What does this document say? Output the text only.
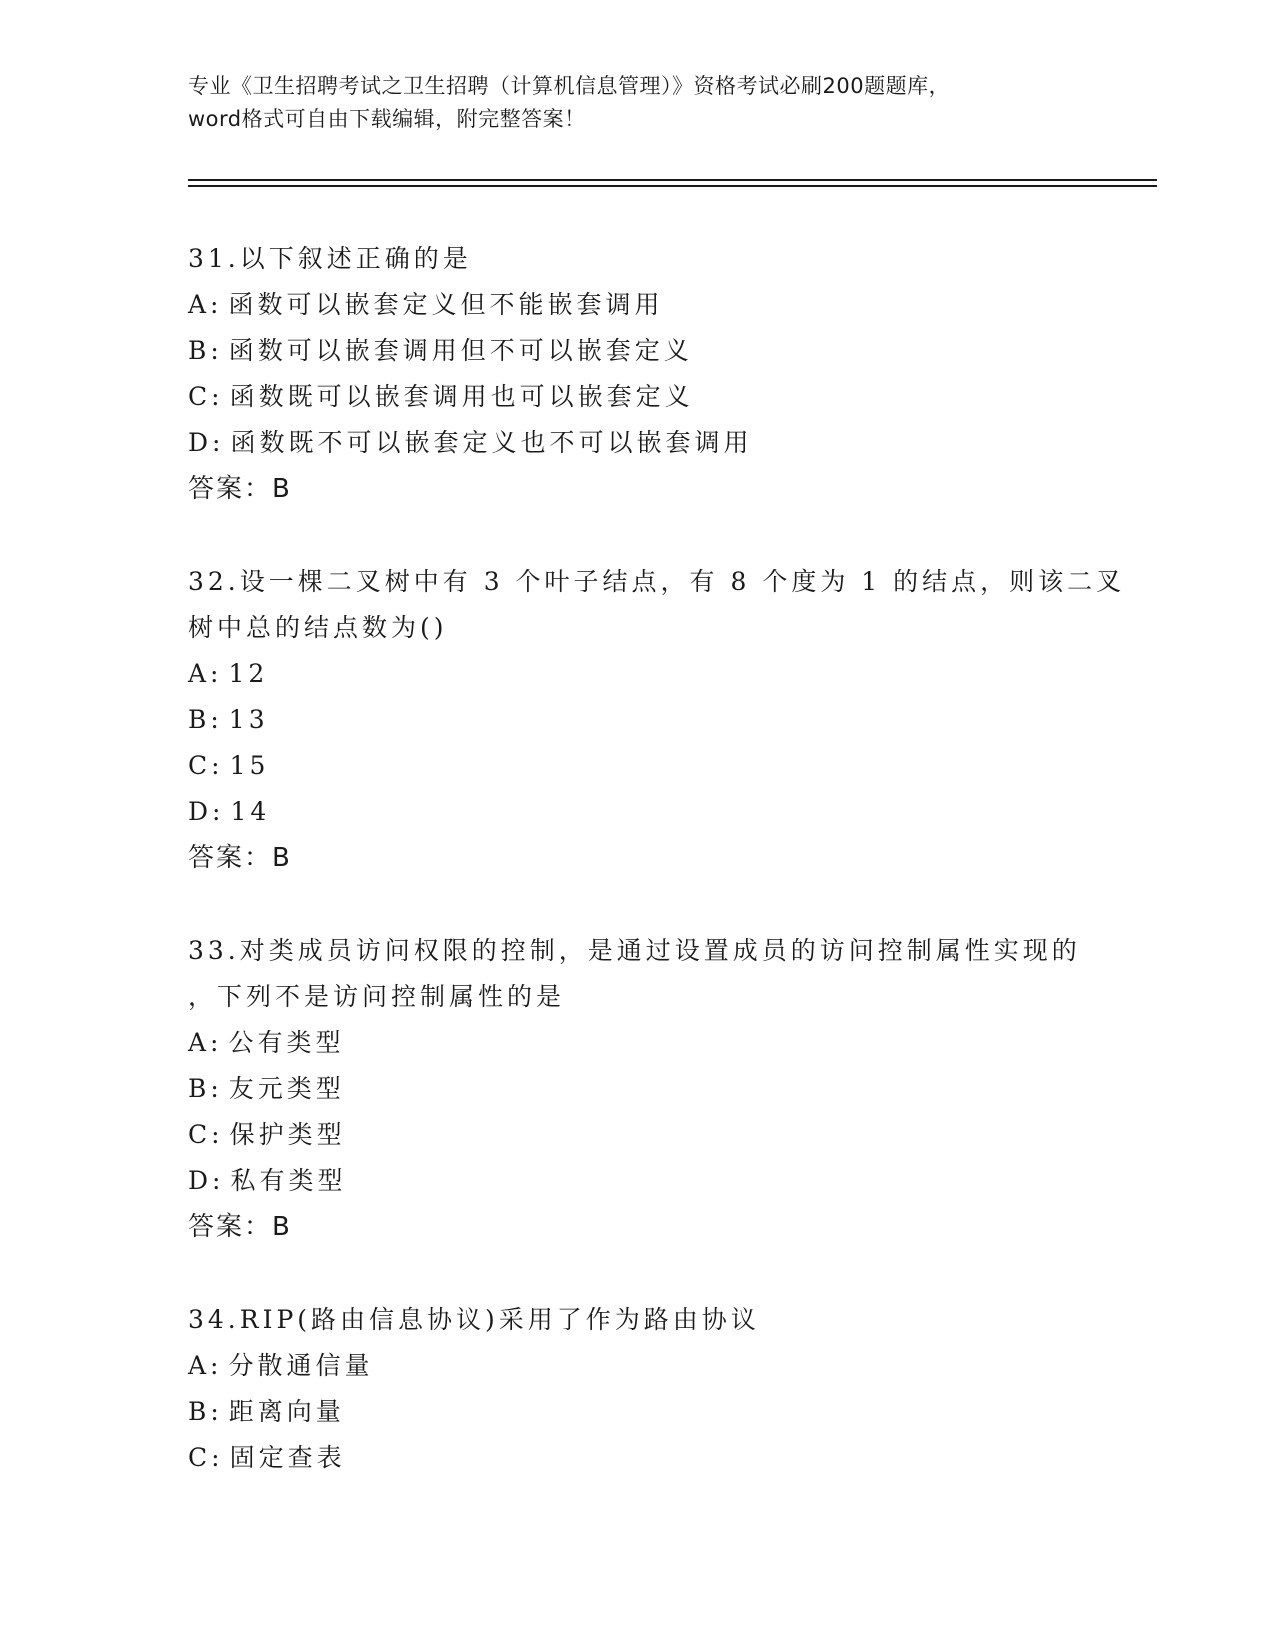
专业《卫生招聘考试之卫生招聘（计算机信息管理）》资格考试必刷200题题库，
word格式可自由下载编辑，附完整答案！
31.以下叙述正确的是
A: 函数可以嵌套定义但不能嵌套调用
B: 函数可以嵌套调用但不可以嵌套定义
C: 函数既可以嵌套调用也可以嵌套定义
D: 函数既不可以嵌套定义也不可以嵌套调用
答案：B
32.设一棵二叉树中有 3 个叶子结点，有 8 个度为 1 的结点，则该二叉
树中总的结点数为()
A: 12
B: 13
C: 15
D: 14
答案：B
33.对类成员访问权限的控制，是通过设置成员的访问控制属性实现的
，下列不是访问控制属性的是
A: 公有类型
B: 友元类型
C: 保护类型
D: 私有类型
答案：B
34.RIP(路由信息协议)采用了作为路由协议
A: 分散通信量
B: 距离向量
C: 固定查表
